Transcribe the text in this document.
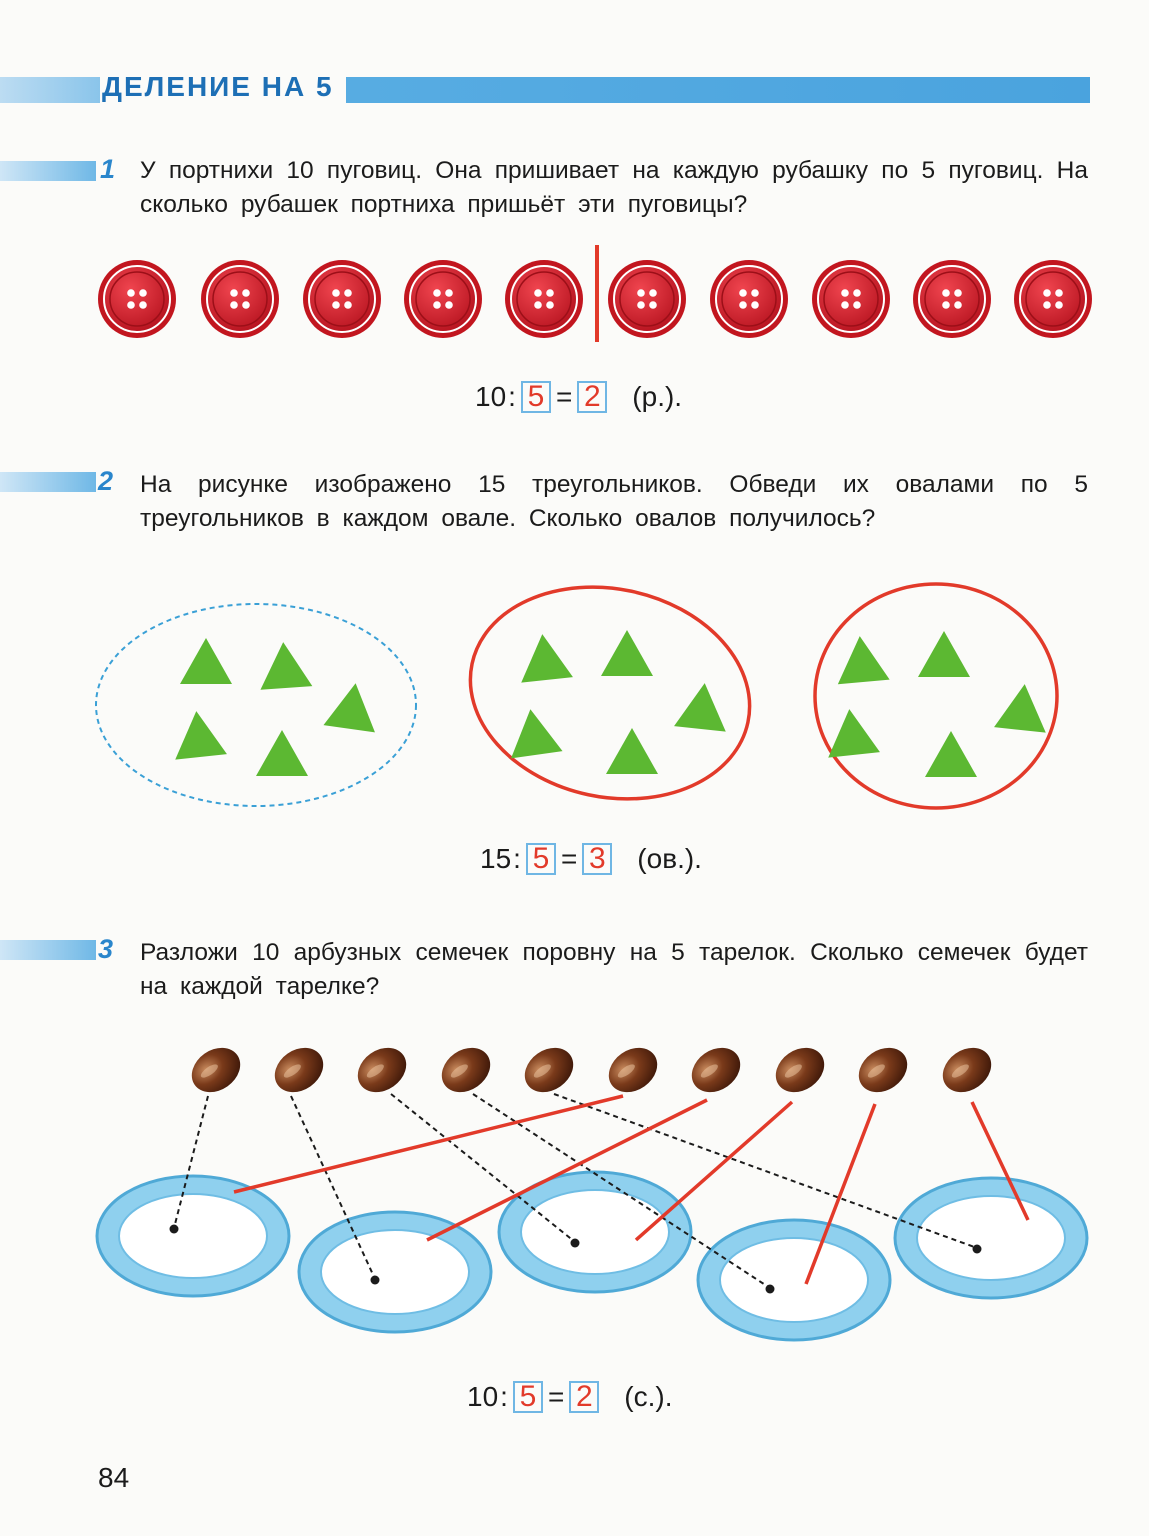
ДЕЛЕНИЕ НА 5
1 У портнихи 10 пуговиц. Она пришивает на каждую рубашку по 5 пуговиц. На сколько рубашек портниха пришьёт эти пуговицы?
2 На рисунке изображено 15 треугольников. Обведи их овалами по 5 треугольников в каждом овале. Сколько овалов получилось?
3 Разложи 10 арбузных семечек поровну на 5 тарелок. Сколько семечек будет на каждой тарелке?
10 : 5 = 2 (р.).
15 : 5 = 3 (ов.).
10 : 5 = 2 (с.).
84
